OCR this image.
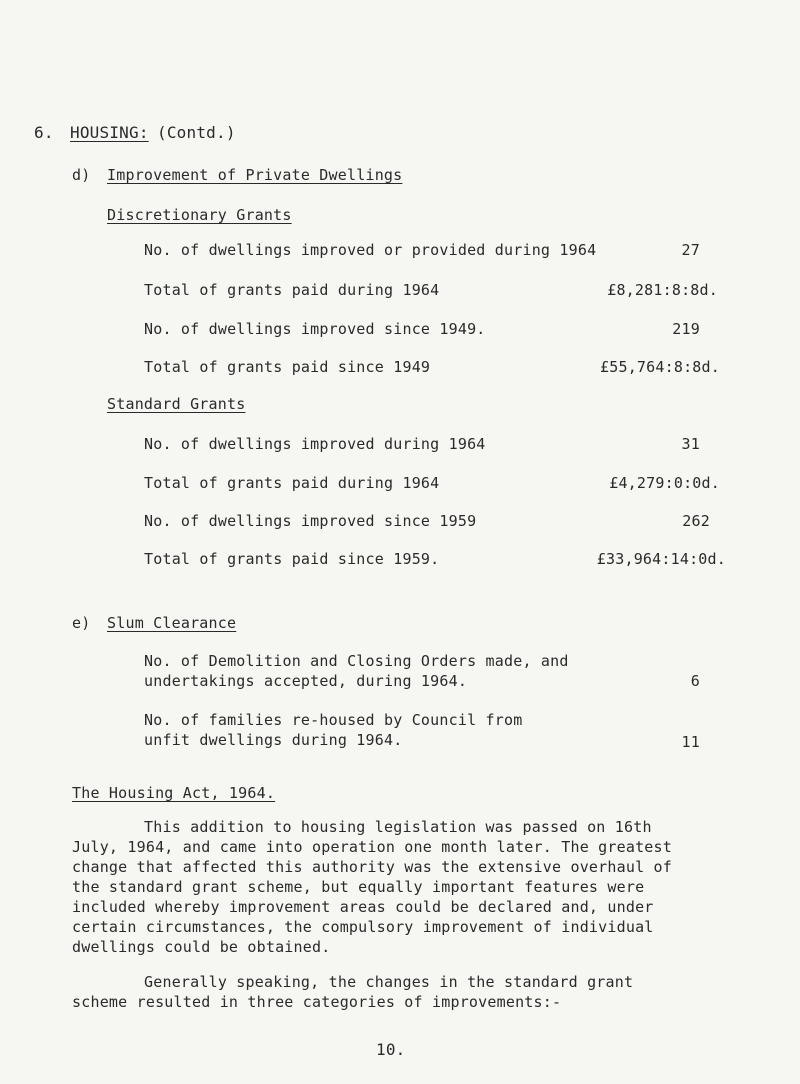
6. HOUSING: (Contd.)
d) Improvement of Private Dwellings
Discretionary Grants
No. of dwellings improved or provided during 1964	27
Total of grants paid during 1964	£8,281:8:8d.
No. of dwellings improved since 1949.	219
Total of grants paid since 1949	£55,764:8:8d.
Standard Grants
No. of dwellings improved during 1964	31
Total of grants paid during 1964	£4,279:0:0d.
No. of dwellings improved since 1959	262
Total of grants paid since 1959.	£33,964:14:0d.
e) Slum Clearance
No. of Demolition and Closing Orders made, and
undertakings accepted, during 1964.	6
No. of families re-housed by Council from
unfit dwellings during 1964.	11
The Housing Act, 1964.
This addition to housing legislation was passed on 16th
July, 1964, and came into operation one month later. The greatest
change that affected this authority was the extensive overhaul of
the standard grant scheme, but equally important features were
included whereby improvement areas could be declared and, under
certain circumstances, the compulsory improvement of individual
dwellings could be obtained.
Generally speaking, the changes in the standard grant
scheme resulted in three categories of improvements:-
10.
